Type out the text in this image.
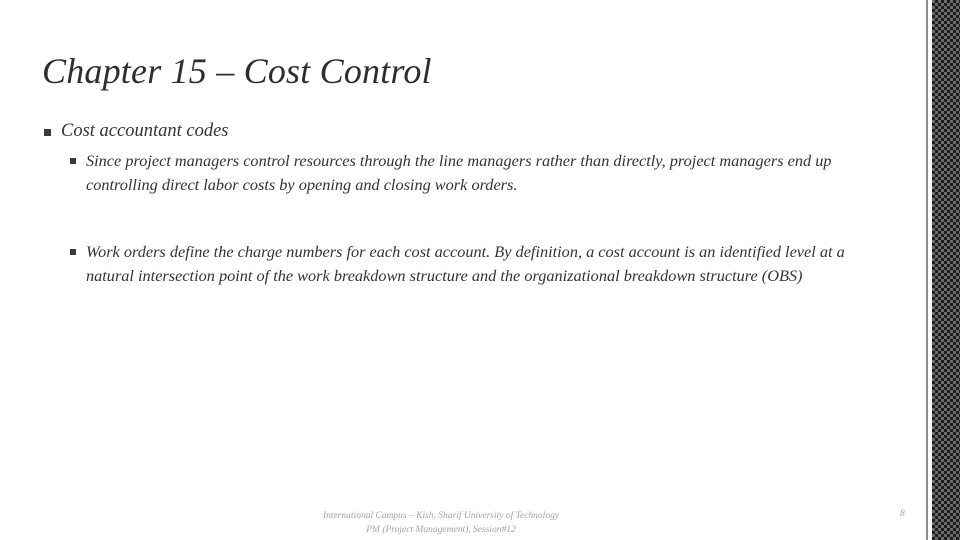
Chapter 15 – Cost Control
Cost accountant codes
Since project managers control resources through the line managers rather than directly, project managers end up controlling direct labor costs by opening and closing work orders.
Work orders define the charge numbers for each cost account. By definition, a cost account is an identified level at a natural intersection point of the work breakdown structure and the organizational breakdown structure (OBS)
International Campus – Kish, Sharif University of Technology
PM (Project Management), Session#12
8
